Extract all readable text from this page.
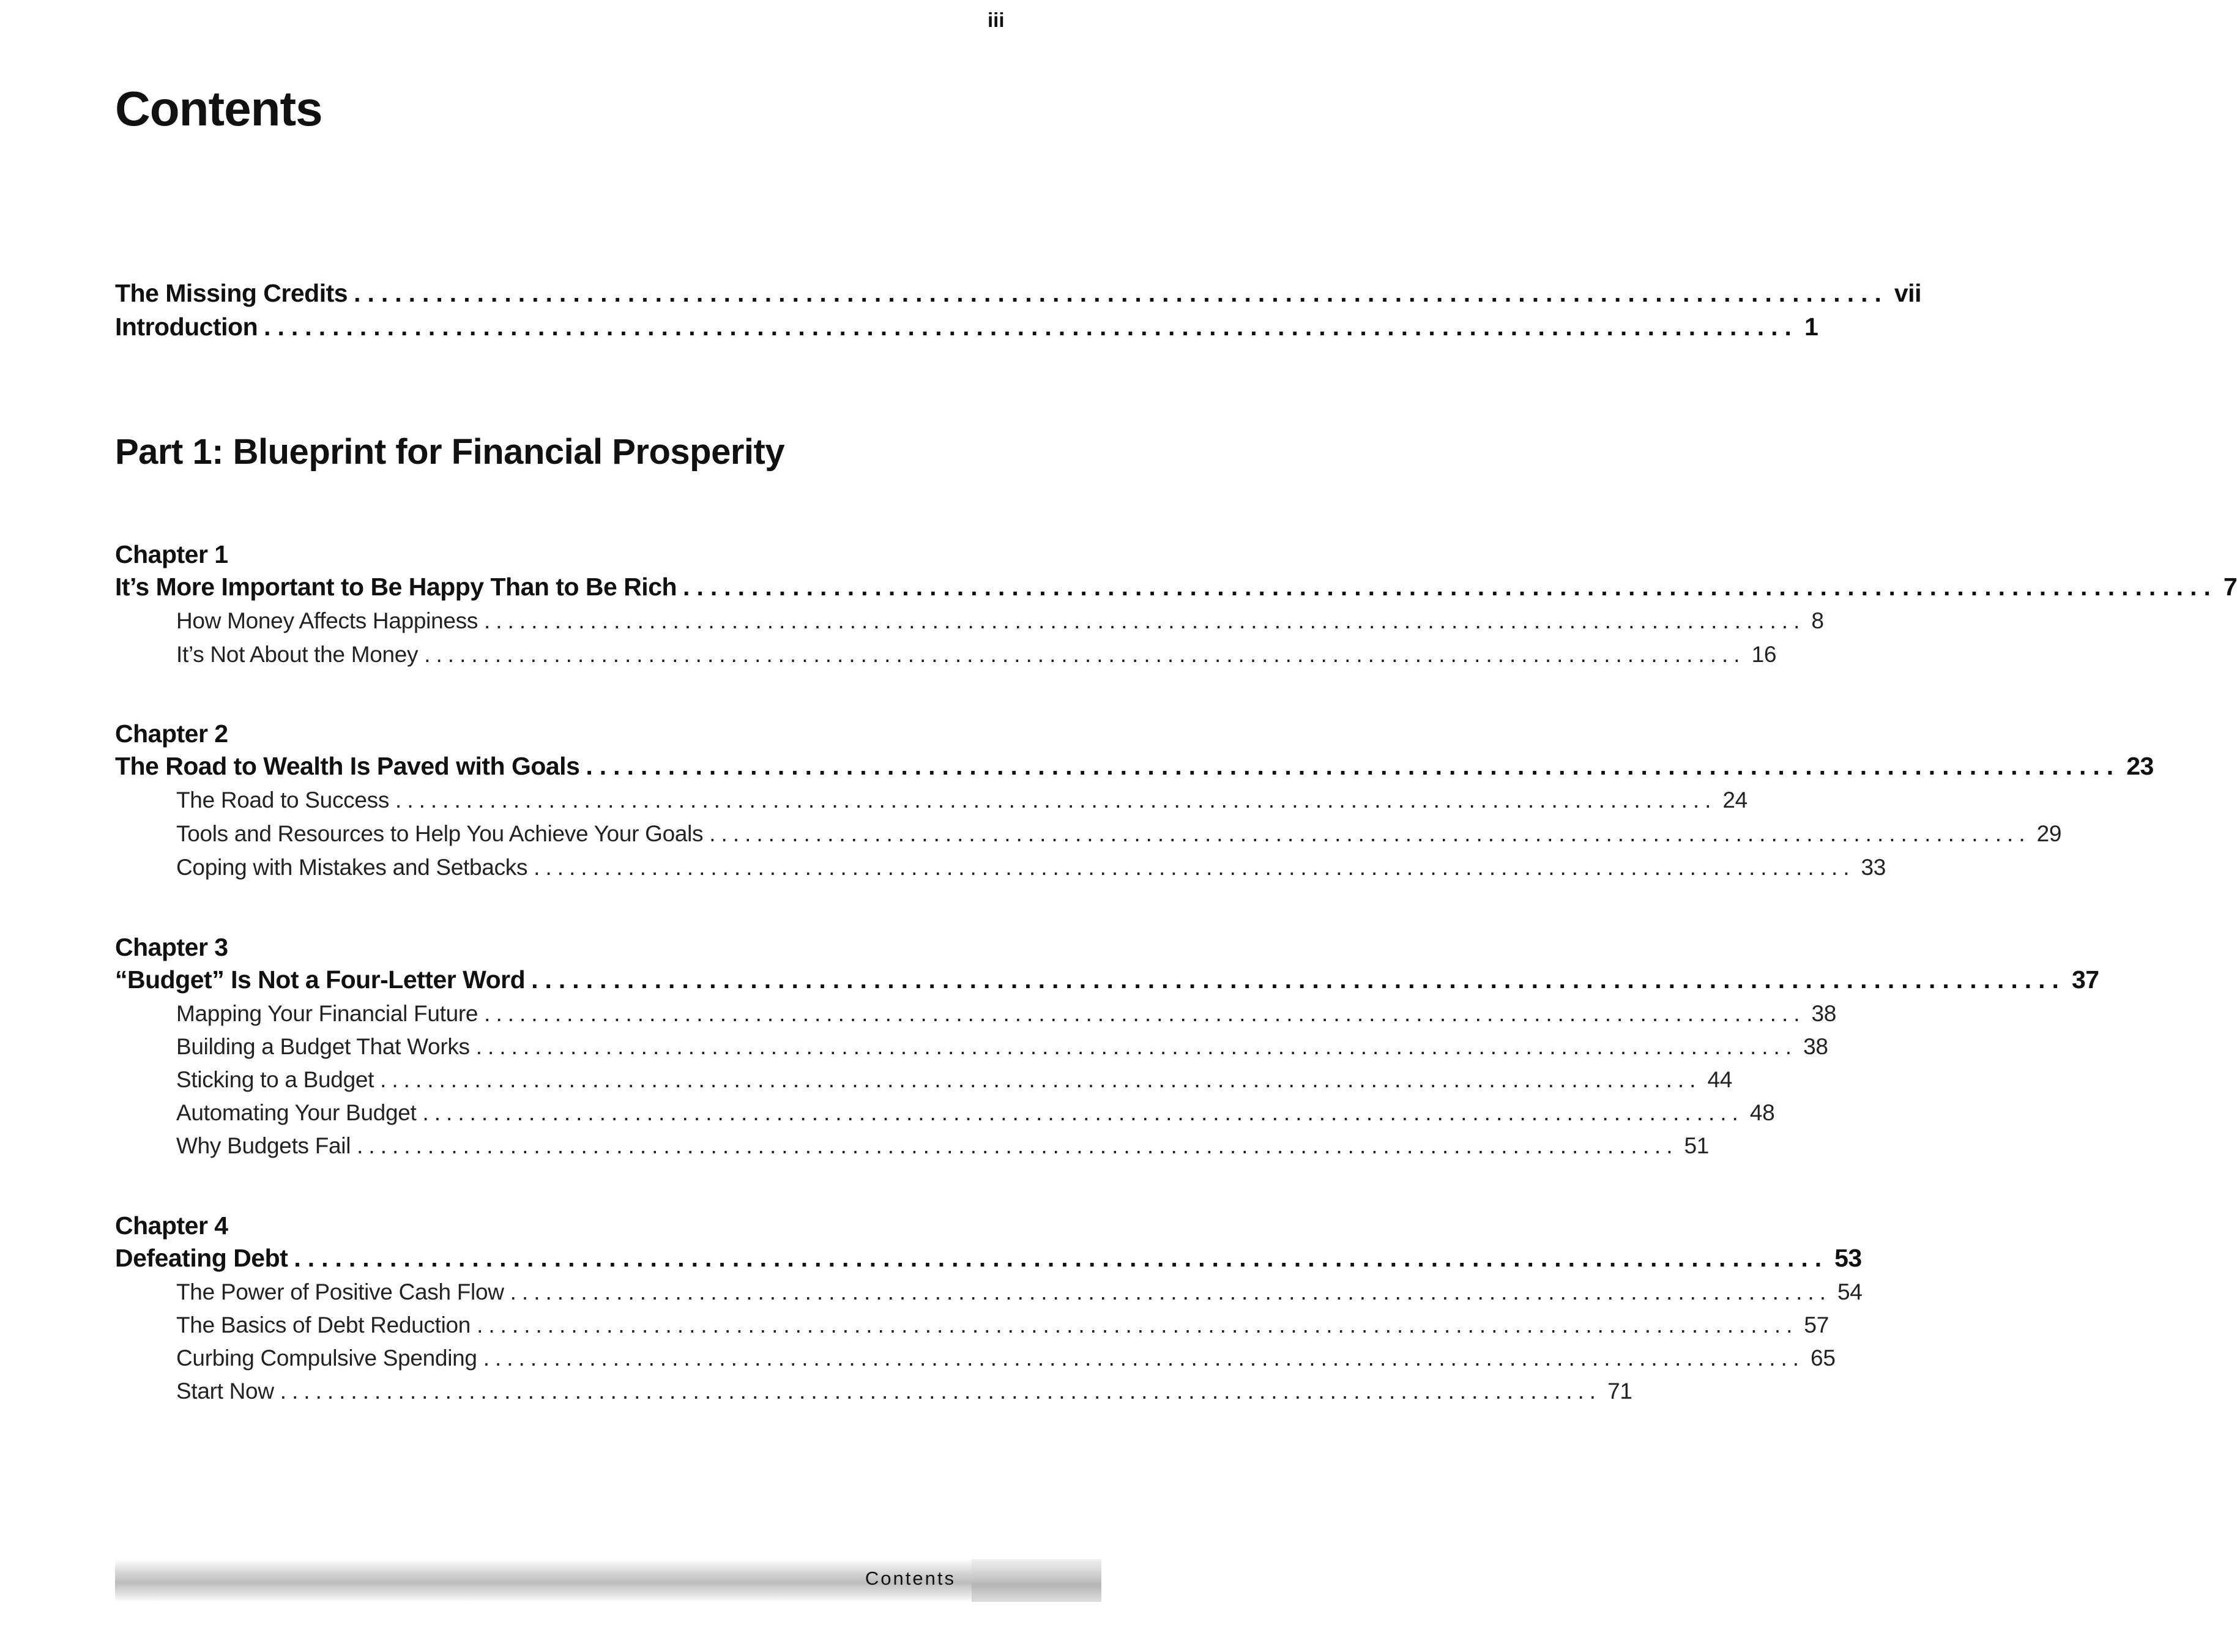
Contents
The Missing Credits ................................................................................................................ vii
Introduction ................................................................................................................ 1
Part 1: Blueprint for Financial Prosperity
Chapter 1
It’s More Important to Be Happy Than to Be Rich ................................................................................................................ 7
How Money Affects Happiness ................................................................................................................ 8
It’s Not About the Money ................................................................................................................ 16
Chapter 2
The Road to Wealth Is Paved with Goals ................................................................................................................ 23
The Road to Success ................................................................................................................ 24
Tools and Resources to Help You Achieve Your Goals ................................................................................................................ 29
Coping with Mistakes and Setbacks ................................................................................................................ 33
Chapter 3
“Budget” Is Not a Four-Letter Word ................................................................................................................ 37
Mapping Your Financial Future ................................................................................................................ 38
Building a Budget That Works ................................................................................................................ 38
Sticking to a Budget ................................................................................................................ 44
Automating Your Budget ................................................................................................................ 48
Why Budgets Fail ................................................................................................................ 51
Chapter 4
Defeating Debt ................................................................................................................ 53
The Power of Positive Cash Flow ................................................................................................................ 54
The Basics of Debt Reduction ................................................................................................................ 57
Curbing Compulsive Spending ................................................................................................................ 65
Start Now ................................................................................................................ 71
Contents
iii
